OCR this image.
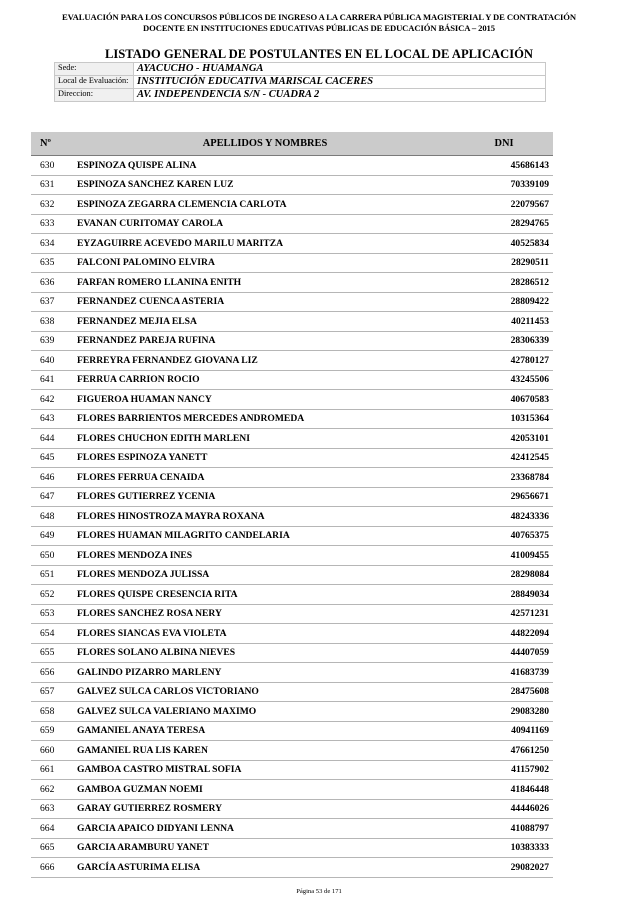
EVALUACIÓN PARA LOS CONCURSOS PÚBLICOS DE INGRESO A LA CARRERA PÚBLICA MAGISTERIAL Y DE CONTRATACIÓN
DOCENTE EN INSTITUCIONES EDUCATIVAS PÚBLICAS DE EDUCACIÓN BÁSICA – 2015
LISTADO GENERAL DE POSTULANTES EN EL LOCAL DE APLICACIÓN
Sede:	AYACUCHO - HUAMANGA
Local de Evaluación:	INSTITUCIÓN EDUCATIVA MARISCAL CACERES
Direccion:	AV. INDEPENDENCIA S/N - CUADRA 2
Nº	APELLIDOS Y NOMBRES	DNI
630	ESPINOZA QUISPE ALINA	45686143
631	ESPINOZA SANCHEZ KAREN LUZ	70339109
632	ESPINOZA ZEGARRA CLEMENCIA CARLOTA	22079567
633	EVANAN CURITOMAY CAROLA	28294765
634	EYZAGUIRRE ACEVEDO MARILU MARITZA	40525834
635	FALCONI PALOMINO ELVIRA	28290511
636	FARFAN ROMERO LLANINA ENITH	28286512
637	FERNANDEZ CUENCA ASTERIA	28809422
638	FERNANDEZ MEJIA ELSA	40211453
639	FERNANDEZ PAREJA RUFINA	28306339
640	FERREYRA FERNANDEZ GIOVANA LIZ	42780127
641	FERRUA CARRION ROCIO	43245506
642	FIGUEROA HUAMAN NANCY	40670583
643	FLORES BARRIENTOS MERCEDES ANDROMEDA	10315364
644	FLORES CHUCHON EDITH MARLENI	42053101
645	FLORES ESPINOZA YANETT	42412545
646	FLORES FERRUA CENAIDA	23368784
647	FLORES GUTIERREZ YCENIA	29656671
648	FLORES HINOSTROZA MAYRA ROXANA	48243336
649	FLORES HUAMAN MILAGRITO CANDELARIA	40765375
650	FLORES MENDOZA INES	41009455
651	FLORES MENDOZA JULISSA	28298084
652	FLORES QUISPE CRESENCIA RITA	28849034
653	FLORES SANCHEZ ROSA NERY	42571231
654	FLORES SIANCAS EVA VIOLETA	44822094
655	FLORES SOLANO ALBINA NIEVES	44407059
656	GALINDO PIZARRO MARLENY	41683739
657	GALVEZ SULCA CARLOS VICTORIANO	28475608
658	GALVEZ SULCA VALERIANO MAXIMO	29083280
659	GAMANIEL ANAYA TERESA	40941169
660	GAMANIEL RUA LIS KAREN	47661250
661	GAMBOA CASTRO MISTRAL SOFIA	41157902
662	GAMBOA GUZMAN NOEMI	41846448
663	GARAY GUTIERREZ ROSMERY	44446026
664	GARCIA APAICO DIDYANI LENNA	41088797
665	GARCIA ARAMBURU YANET	10383333
666	GARCÍA ASTURIMA ELISA	29082027
Página 53 de 171
